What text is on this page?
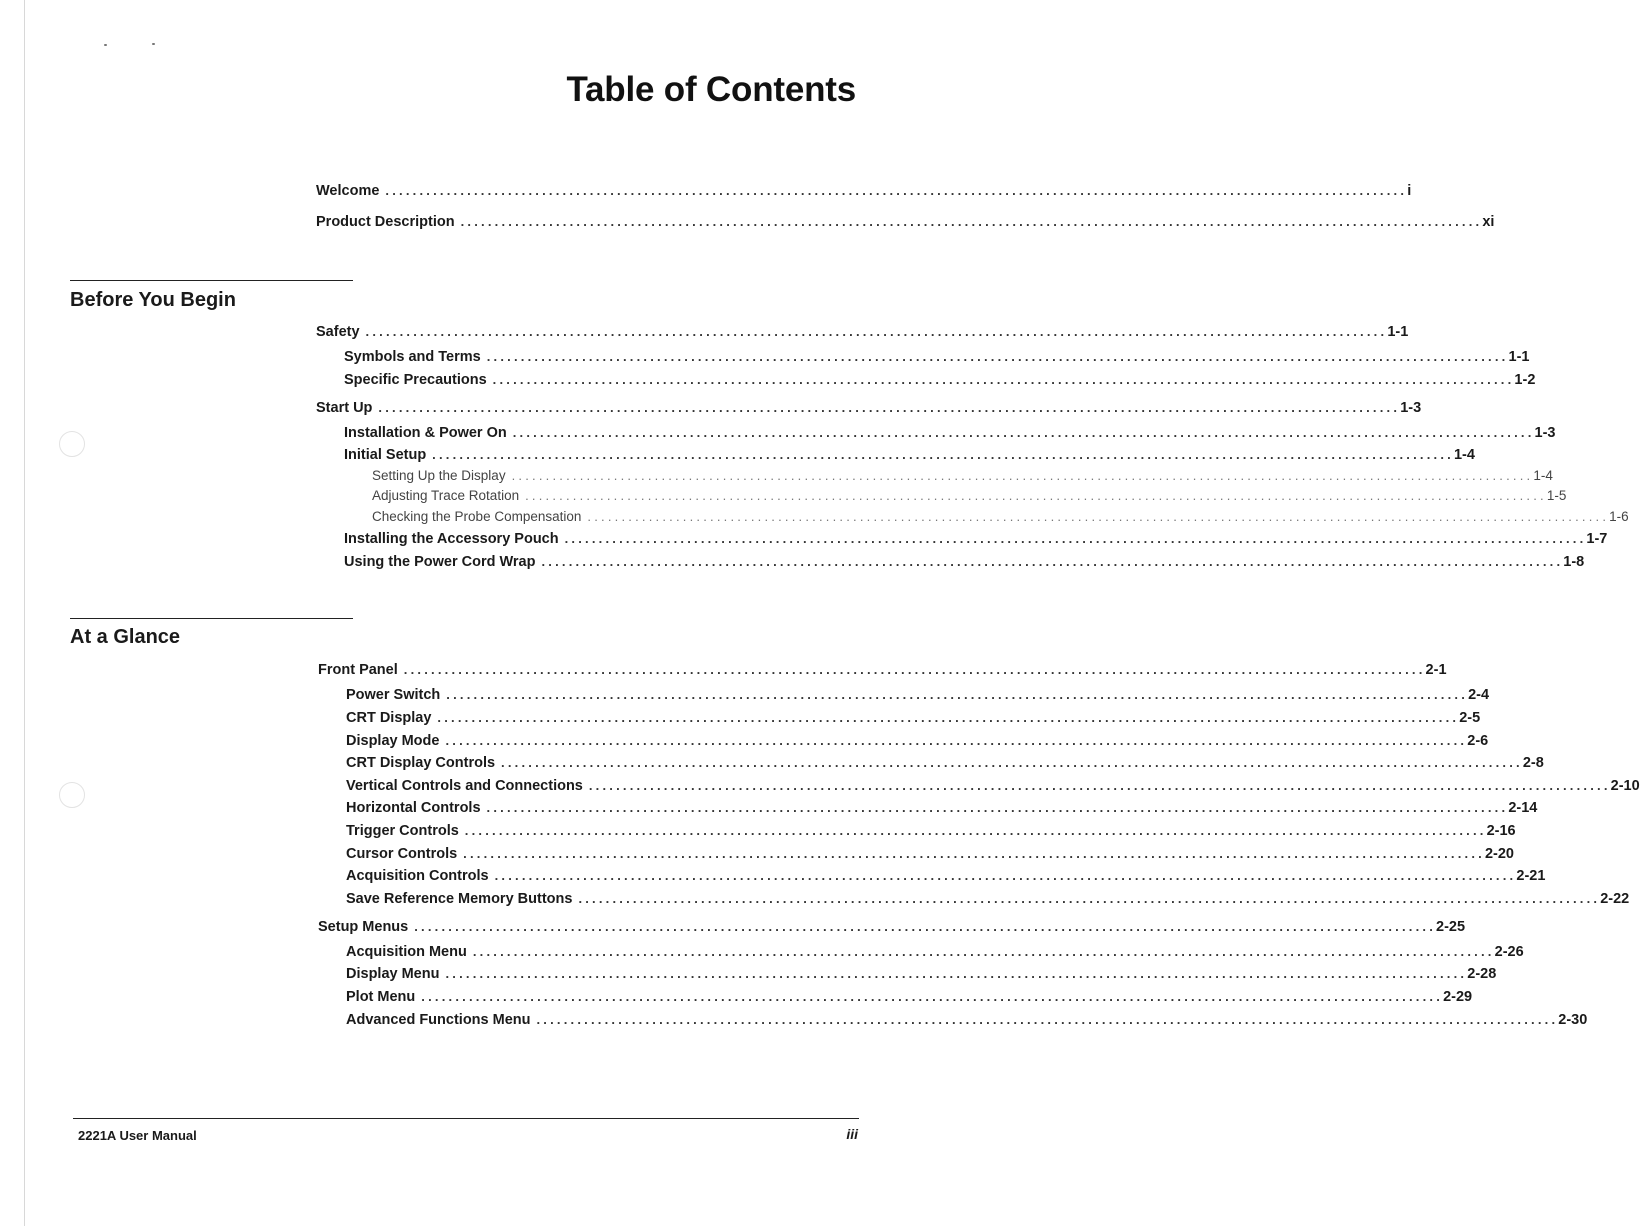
Table of Contents
Welcome ...................................................................................................................................................... i
Product Description ...................................................................................................................................................... xi
Before You Begin
Safety ...................................................................................................................................................... 1-1
Symbols and Terms ...................................................................................................................................................... 1-1
Specific Precautions ...................................................................................................................................................... 1-2
Start Up ...................................................................................................................................................... 1-3
Installation & Power On ...................................................................................................................................................... 1-3
Initial Setup ...................................................................................................................................................... 1-4
Setting Up the Display ...................................................................................................................................................... 1-4
Adjusting Trace Rotation ...................................................................................................................................................... 1-5
Checking the Probe Compensation ...................................................................................................................................................... 1-6
Installing the Accessory Pouch ...................................................................................................................................................... 1-7
Using the Power Cord Wrap ...................................................................................................................................................... 1-8
At a Glance
Front Panel ...................................................................................................................................................... 2-1
Power Switch ...................................................................................................................................................... 2-4
CRT Display ...................................................................................................................................................... 2-5
Display Mode ...................................................................................................................................................... 2-6
CRT Display Controls ...................................................................................................................................................... 2-8
Vertical Controls and Connections ...................................................................................................................................................... 2-10
Horizontal Controls ...................................................................................................................................................... 2-14
Trigger Controls ...................................................................................................................................................... 2-16
Cursor Controls ...................................................................................................................................................... 2-20
Acquisition Controls ...................................................................................................................................................... 2-21
Save Reference Memory Buttons ...................................................................................................................................................... 2-22
Setup Menus ...................................................................................................................................................... 2-25
Acquisition Menu ...................................................................................................................................................... 2-26
Display Menu ...................................................................................................................................................... 2-28
Plot Menu ...................................................................................................................................................... 2-29
Advanced Functions Menu ...................................................................................................................................................... 2-30
2221A User Manual	iii
